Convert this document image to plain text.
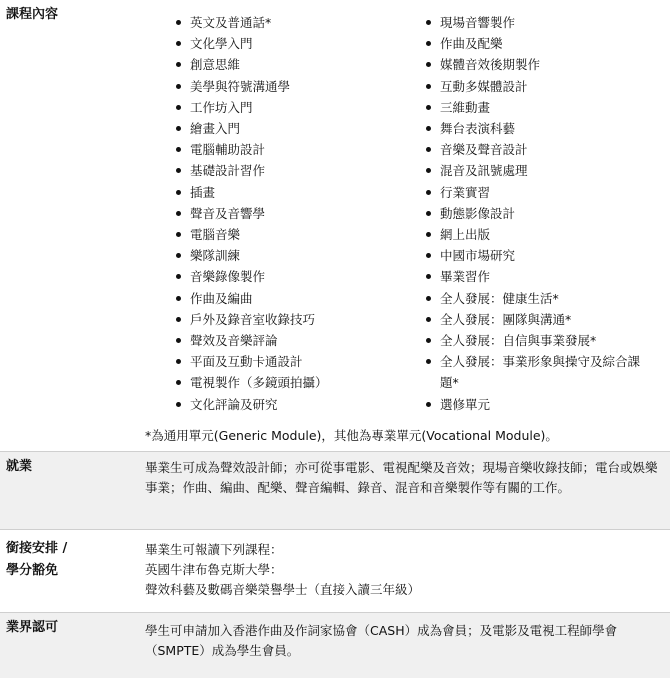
課程內容
英文及普通話*
文化學入門
創意思維
美學與符號溝通學
工作坊入門
繪畫入門
電腦輔助設計
基礎設計習作
插畫
聲音及音響學
電腦音樂
樂隊訓練
音樂錄像製作
作曲及編曲
戶外及錄音室收錄技巧
聲效及音樂評論
平面及互動卡通設計
電視製作（多鏡頭拍攝）
文化評論及研究
現場音響製作
作曲及配樂
媒體音效後期製作
互動多媒體設計
三維動畫
舞台表演科藝
音樂及聲音設計
混音及訊號處理
行業實習
動態影像設計
網上出版
中國市場研究
畢業習作
全人發展：健康生活*
全人發展：團隊與溝通*
全人發展：自信與事業發展*
全人發展：事業形象與操守及綜合課題*
選修單元
*為通用單元(Generic Module)，其他為專業單元(Vocational Module)。
就業	畢業生可成為聲效設計師；亦可從事電影、電視配樂及音效；現場音樂收錄技師；電台或娛樂事業；作曲、編曲、配樂、聲音編輯、錄音、混音和音樂製作等有關的工作。
銜接安排 /
學分豁免
畢業生可報讀下列課程：
英國牛津布魯克斯大學：
聲效科藝及數碼音樂榮譽學士（直接入讀三年級）
業界認可	學生可申請加入香港作曲及作詞家協會（CASH）成為會員；及電影及電視工程師學會（SMPTE）成為學生會員。
